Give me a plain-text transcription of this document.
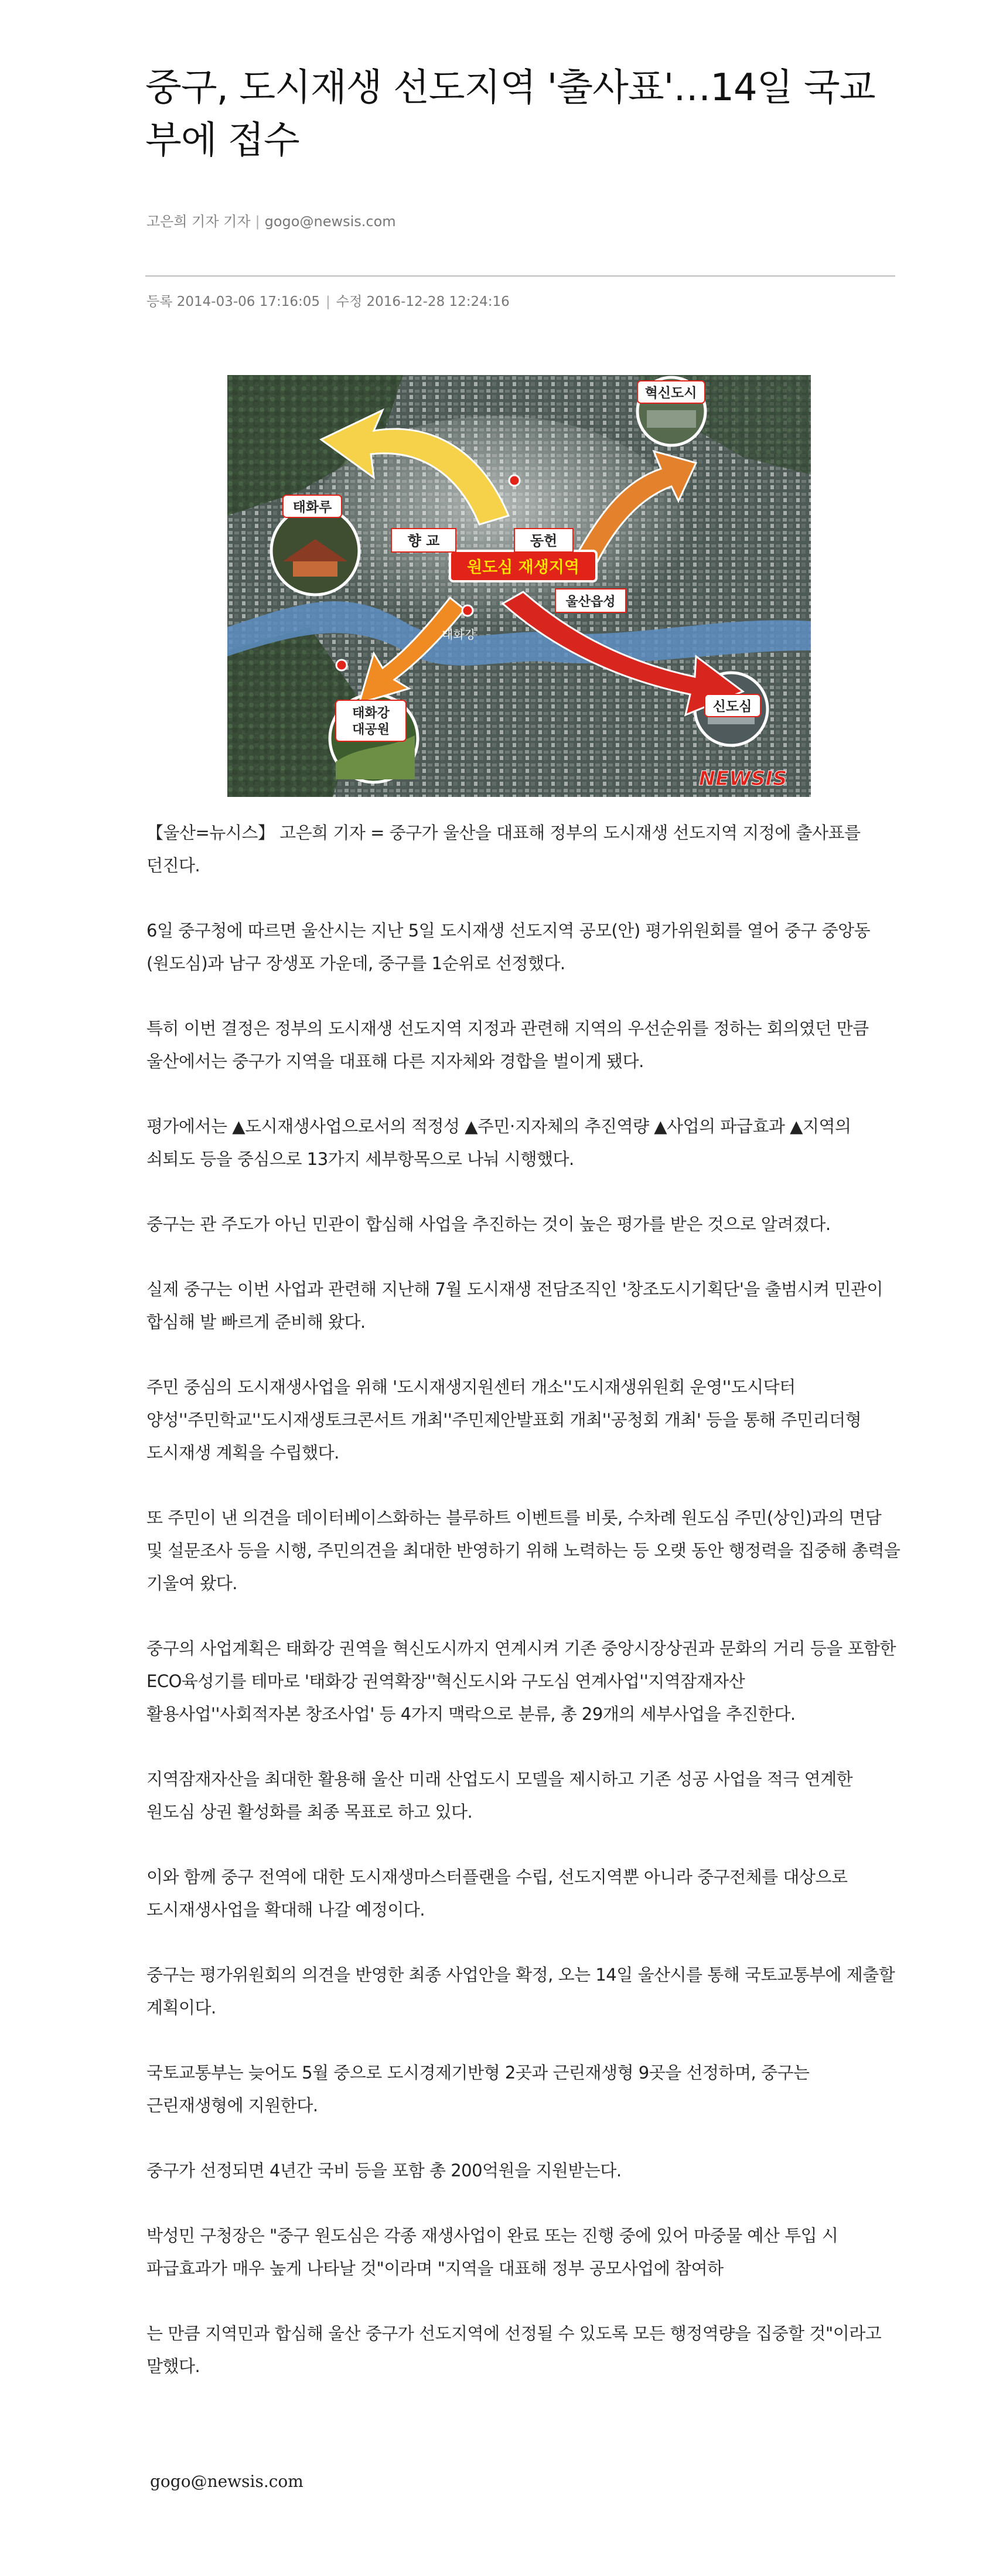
중구, 도시재생 선도지역 '출사표'…14일 국교부에 접수
고은희 기자 기자 | gogo@newsis.com
등록 2014-03-06 17:16:05 | 수정 2016-12-28 12:24:16
원도심 재생지역
향 교	동헌
울산읍성
혁신도시
태화루
태화강
대공원
신도심
태화강
NEWSIS

【울산=뉴시스】 고은희 기자 = 중구가 울산을 대표해 정부의 도시재생 선도지역 지정에 출사표를 던진다.

6일 중구청에 따르면 울산시는 지난 5일 도시재생 선도지역 공모(안) 평가위원회를 열어 중구 중앙동(원도심)과 남구 장생포 가운데, 중구를 1순위로 선정했다.

특히 이번 결정은 정부의 도시재생 선도지역 지정과 관련해 지역의 우선순위를 정하는 회의였던 만큼 울산에서는 중구가 지역을 대표해 다른 지자체와 경합을 벌이게 됐다.

평가에서는 ▲도시재생사업으로서의 적정성 ▲주민·지자체의 추진역량 ▲사업의 파급효과 ▲지역의 쇠퇴도 등을 중심으로 13가지 세부항목으로 나눠 시행했다.

중구는 관 주도가 아닌 민관이 합심해 사업을 추진하는 것이 높은 평가를 받은 것으로 알려졌다.

실제 중구는 이번 사업과 관련해 지난해 7월 도시재생 전담조직인 '창조도시기획단'을 출범시켜 민관이 합심해 발 빠르게 준비해 왔다.

주민 중심의 도시재생사업을 위해 '도시재생지원센터 개소''도시재생위원회 운영''도시닥터 양성''주민학교''도시재생토크콘서트 개최''주민제안발표회 개최''공청회 개최' 등을 통해 주민리더형 도시재생 계획을 수립했다.

또 주민이 낸 의견을 데이터베이스화하는 블루하트 이벤트를 비롯, 수차례 원도심 주민(상인)과의 면담 및 설문조사 등을 시행, 주민의견을 최대한 반영하기 위해 노력하는 등 오랫 동안 행정력을 집중해 총력을 기울여 왔다.

중구의 사업계획은 태화강 권역을 혁신도시까지 연계시켜 기존 중앙시장상권과 문화의 거리 등을 포함한 ECO육성기를 테마로 '태화강 권역확장''혁신도시와 구도심 연계사업''지역잠재자산 활용사업''사회적자본 창조사업' 등 4가지 맥락으로 분류, 총 29개의 세부사업을 추진한다.

지역잠재자산을 최대한 활용해 울산 미래 산업도시 모델을 제시하고 기존 성공 사업을 적극 연계한 원도심 상권 활성화를 최종 목표로 하고 있다.

이와 함께 중구 전역에 대한 도시재생마스터플랜을 수립, 선도지역뿐 아니라 중구전체를 대상으로 도시재생사업을 확대해 나갈 예정이다.

중구는 평가위원회의 의견을 반영한 최종 사업안을 확정, 오는 14일 울산시를 통해 국토교통부에 제출할 계획이다.

국토교통부는 늦어도 5월 중으로 도시경제기반형 2곳과 근린재생형 9곳을 선정하며, 중구는 근린재생형에 지원한다.

중구가 선정되면 4년간 국비 등을 포함 총 200억원을 지원받는다.

박성민 구청장은 "중구 원도심은 각종 재생사업이 완료 또는 진행 중에 있어 마중물 예산 투입 시 파급효과가 매우 높게 나타날 것"이라며 "지역을 대표해 정부 공모사업에 참여하

는 만큼 지역민과 합심해 울산 중구가 선도지역에 선정될 수 있도록 모든 행정역량을 집중할 것"이라고 말했다.

gogo@newsis.com
